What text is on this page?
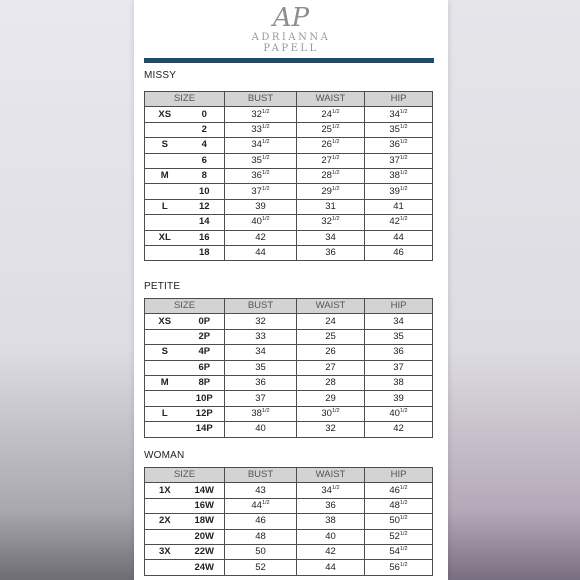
AP
ADRIANNA
PAPELL
MISSY
SIZE		BUST	WAIST	HIP
XS	0	$32^{1/2}$	$24^{1/2}$	$34^{1/2}$
	2	$33^{1/2}$	$25^{1/2}$	$35^{1/2}$
S	4	$34^{1/2}$	$26^{1/2}$	$36^{1/2}$
	6	$35^{1/2}$	$27^{1/2}$	$37^{1/2}$
M	8	$36^{1/2}$	$28^{1/2}$	$38^{1/2}$
	10	$37^{1/2}$	$29^{1/2}$	$39^{1/2}$
L	12	39	31	41
	14	$40^{1/2}$	$32^{1/2}$	$42^{1/2}$
XL	16	42	34	44
	18	44	36	46
PETITE
SIZE		BUST	WAIST	HIP
XS	0P	32	24	34
	2P	33	25	35
S	4P	34	26	36
	6P	35	27	37
M	8P	36	28	38
	10P	37	29	39
L	12P	$38^{1/2}$	$30^{1/2}$	$40^{1/2}$
	14P	40	32	42
WOMAN
SIZE		BUST	WAIST	HIP
1X	14W	43	$34^{1/2}$	$46^{1/2}$
	16W	$44^{1/2}$	36	$48^{1/2}$
2X	18W	46	38	$50^{1/2}$
	20W	48	40	$52^{1/2}$
3X	22W	50	42	$54^{1/2}$
	24W	52	44	$56^{1/2}$
